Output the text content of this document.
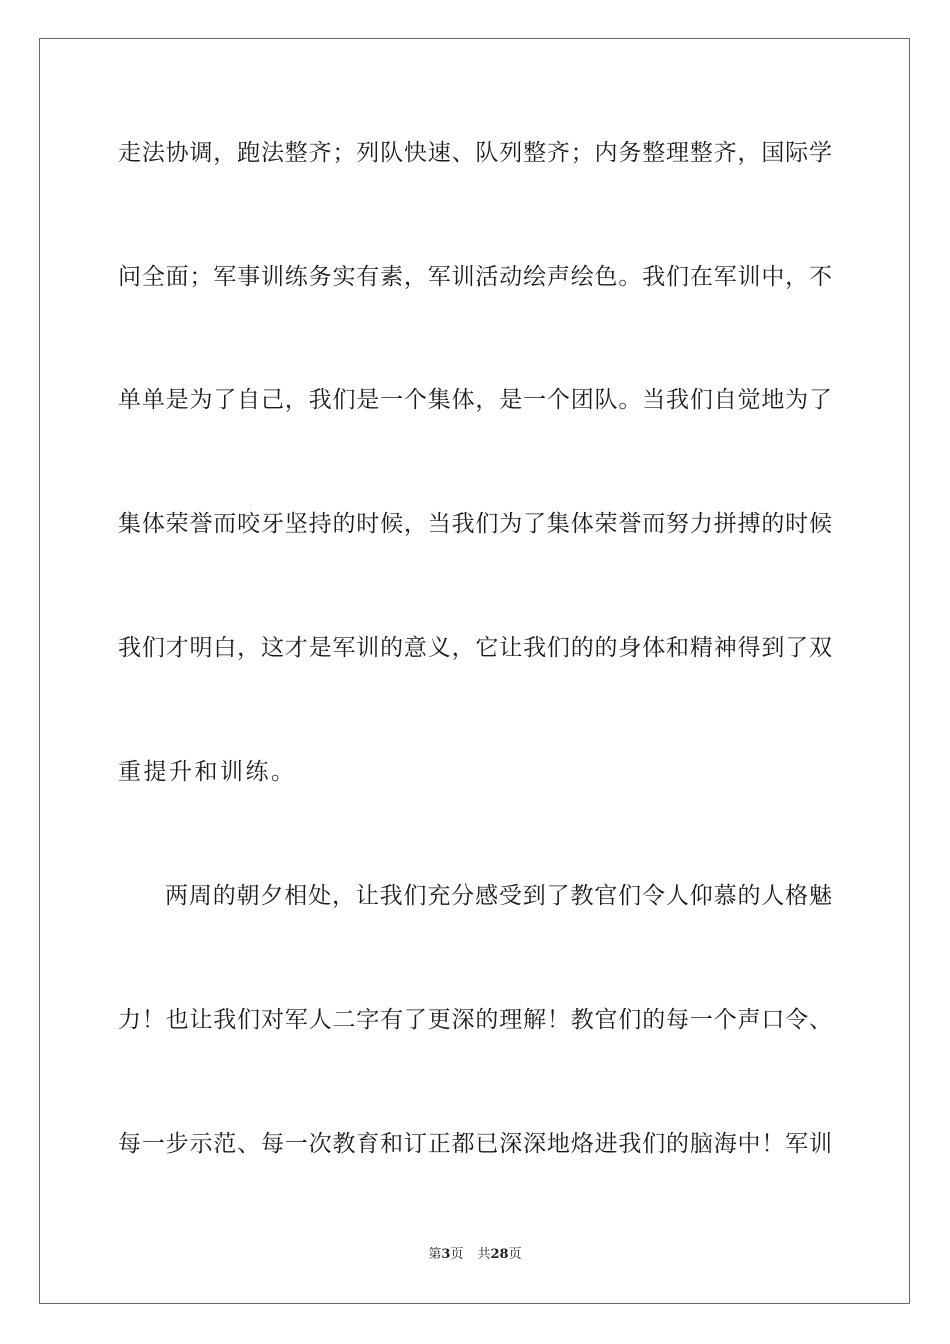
走法协调，跑法整齐；列队快速、队列整齐；内务整理整齐，国际学
问全面；军事训练务实有素，军训活动绘声绘色。我们在军训中，不
单单是为了自己，我们是一个集体，是一个团队。当我们自觉地为了
集体荣誉而咬牙坚持的时候，当我们为了集体荣誉而努力拼搏的时候
我们才明白，这才是军训的意义，它让我们的的身体和精神得到了双
重提升和训练。
两周的朝夕相处，让我们充分感受到了教官们令人仰慕的人格魅
力！也让我们对军人二字有了更深的理解！教官们的每一个声口令、
每一步示范、每一次教育和订正都已深深地烙进我们的脑海中！军训
第3页 共28页
